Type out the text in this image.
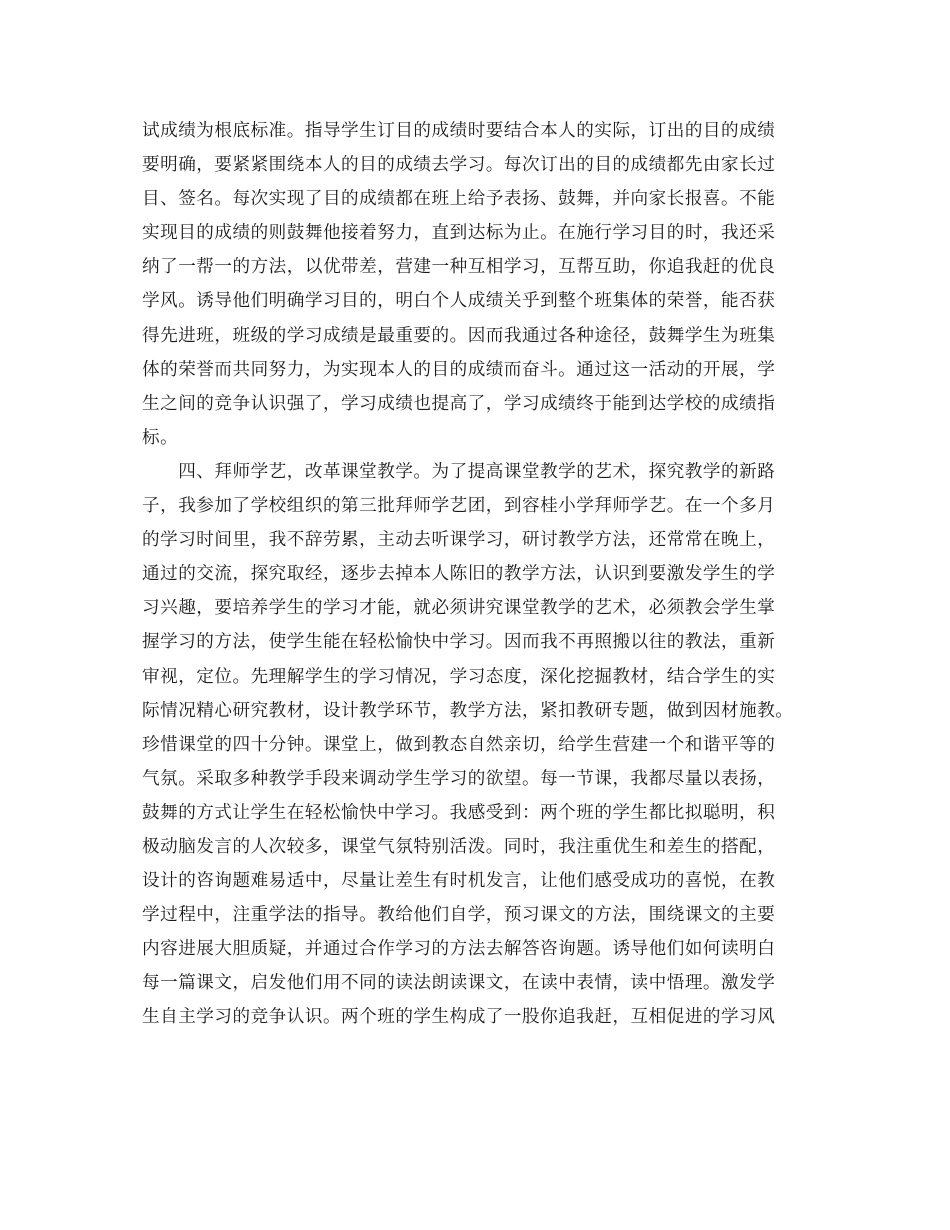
试成绩为根底标准。指导学生订目的成绩时要结合本人的实际，订出的目的成绩
要明确，要紧紧围绕本人的目的成绩去学习。每次订出的目的成绩都先由家长过
目、签名。每次实现了目的成绩都在班上给予表扬、鼓舞，并向家长报喜。不能
实现目的成绩的则鼓舞他接着努力，直到达标为止。在施行学习目的时，我还采
纳了一帮一的方法，以优带差，营建一种互相学习，互帮互助，你追我赶的优良
学风。诱导他们明确学习目的，明白个人成绩关乎到整个班集体的荣誉，能否获
得先进班，班级的学习成绩是最重要的。因而我通过各种途径，鼓舞学生为班集
体的荣誉而共同努力，为实现本人的目的成绩而奋斗。通过这一活动的开展，学
生之间的竞争认识强了，学习成绩也提高了，学习成绩终于能到达学校的成绩指
标。
　　四、拜师学艺，改革课堂教学。为了提高课堂教学的艺术，探究教学的新路
子，我参加了学校组织的第三批拜师学艺团，到容桂小学拜师学艺。在一个多月
的学习时间里，我不辞劳累，主动去听课学习，研讨教学方法，还常常在晚上，
通过的交流，探究取经，逐步去掉本人陈旧的教学方法，认识到要激发学生的学
习兴趣，要培养学生的学习才能，就必须讲究课堂教学的艺术，必须教会学生掌
握学习的方法，使学生能在轻松愉快中学习。因而我不再照搬以往的教法，重新
审视，定位。先理解学生的学习情况，学习态度，深化挖掘教材，结合学生的实
际情况精心研究教材，设计教学环节，教学方法，紧扣教研专题，做到因材施教。
珍惜课堂的四十分钟。课堂上，做到教态自然亲切，给学生营建一个和谐平等的
气氛。采取多种教学手段来调动学生学习的欲望。每一节课，我都尽量以表扬，
鼓舞的方式让学生在轻松愉快中学习。我感受到：两个班的学生都比拟聪明，积
极动脑发言的人次较多，课堂气氛特别活泼。同时，我注重优生和差生的搭配，
设计的咨询题难易适中，尽量让差生有时机发言，让他们感受成功的喜悦，在教
学过程中，注重学法的指导。教给他们自学，预习课文的方法，围绕课文的主要
内容进展大胆质疑，并通过合作学习的方法去解答咨询题。诱导他们如何读明白
每一篇课文，启发他们用不同的读法朗读课文，在读中表情，读中悟理。激发学
生自主学习的竞争认识。两个班的学生构成了一股你追我赶，互相促进的学习风
